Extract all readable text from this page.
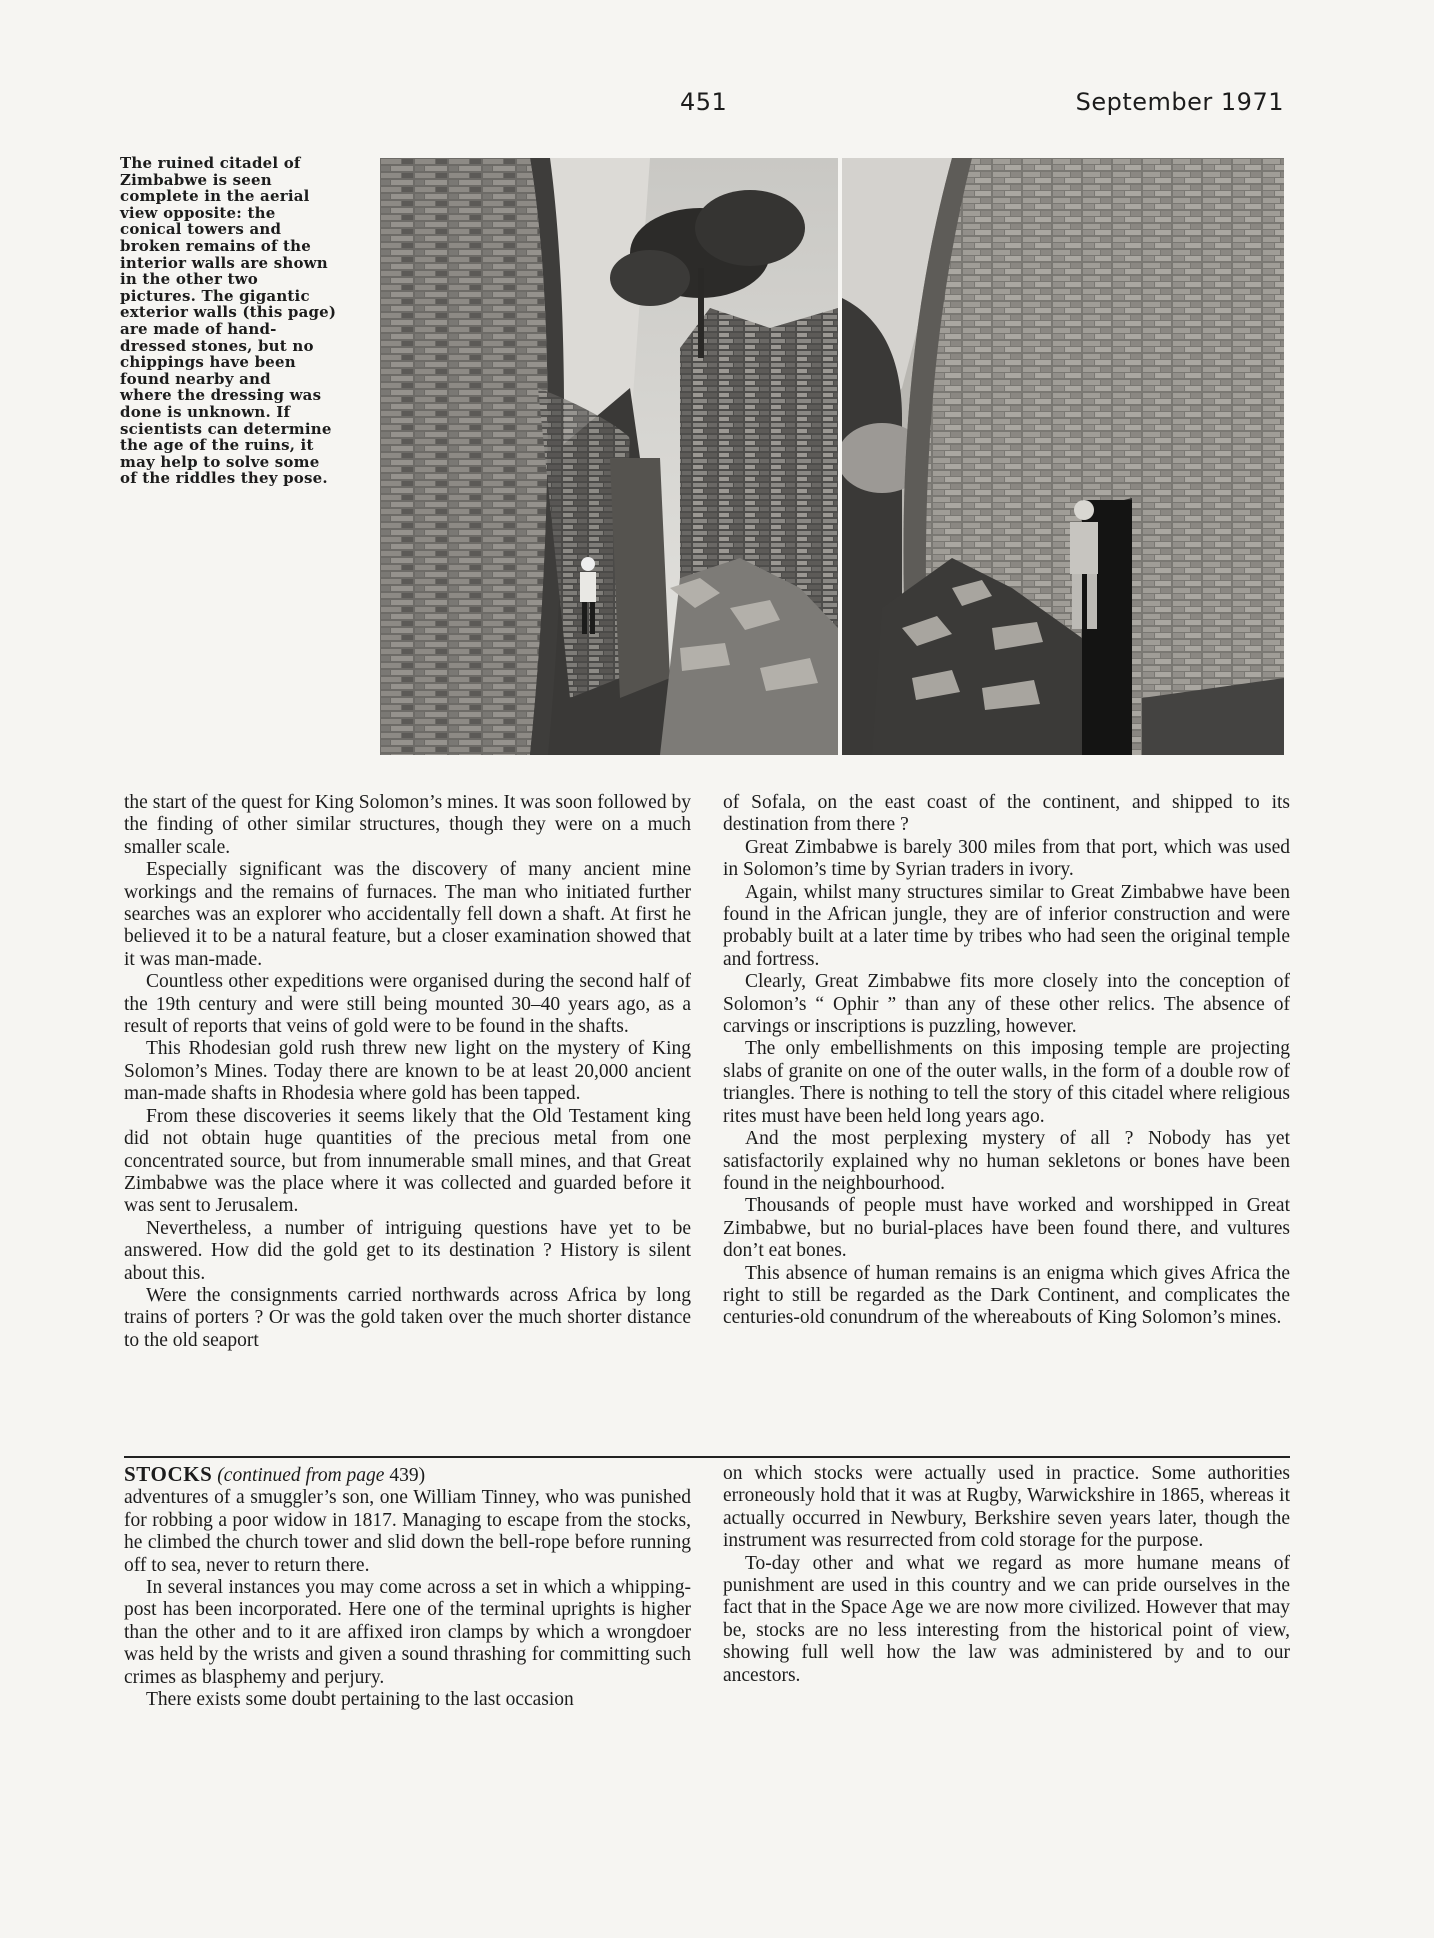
451	September 1971
The ruined citadel of
Zimbabwe is seen
complete in the aerial
view opposite: the
conical towers and
broken remains of the
interior walls are shown
in the other two
pictures. The gigantic
exterior walls (this page)
are made of hand-
dressed stones, but no
chippings have been
found nearby and
where the dressing was
done is unknown. If
scientists can determine
the age of the ruins, it
may help to solve some
of the riddles they pose.

the start of the quest for King Solomon’s mines. It was soon followed by the finding of other similar structures, though they were on a much smaller scale.

Especially significant was the discovery of many ancient mine workings and the remains of furnaces. The man who initiated further searches was an explorer who accidentally fell down a shaft. At first he believed it to be a natural feature, but a closer examination showed that it was man-made.

Countless other expeditions were organised during the second half of the 19th century and were still being mounted 30–40 years ago, as a result of reports that veins of gold were to be found in the shafts.

This Rhodesian gold rush threw new light on the mystery of King Solomon’s Mines. Today there are known to be at least 20,000 ancient man-made shafts in Rhodesia where gold has been tapped.

From these discoveries it seems likely that the Old Testament king did not obtain huge quantities of the precious metal from one concentrated source, but from innumerable small mines, and that Great Zimbabwe was the place where it was collected and guarded before it was sent to Jerusalem.

Nevertheless, a number of intriguing questions have yet to be answered. How did the gold get to its destination ? History is silent about this.

Were the consignments carried northwards across Africa by long trains of porters ? Or was the gold taken over the much shorter distance to the old seaport

of Sofala, on the east coast of the continent, and shipped to its destination from there ?

Great Zimbabwe is barely 300 miles from that port, which was used in Solomon’s time by Syrian traders in ivory.

Again, whilst many structures similar to Great Zimbabwe have been found in the African jungle, they are of inferior construction and were probably built at a later time by tribes who had seen the original temple and fortress.

Clearly, Great Zimbabwe fits more closely into the conception of Solomon’s “ Ophir ” than any of these other relics. The absence of carvings or inscriptions is puzzling, however.

The only embellishments on this imposing temple are projecting slabs of granite on one of the outer walls, in the form of a double row of triangles. There is nothing to tell the story of this citadel where religious rites must have been held long years ago.

And the most perplexing mystery of all ? Nobody has yet satisfactorily explained why no human sekletons or bones have been found in the neighbourhood.

Thousands of people must have worked and worshipped in Great Zimbabwe, but no burial-places have been found there, and vultures don’t eat bones.

This absence of human remains is an enigma which gives Africa the right to still be regarded as the Dark Continent, and complicates the centuries-old conundrum of the whereabouts of King Solomon’s mines.

STOCKS (continued from page 439)

adventures of a smuggler’s son, one William Tinney, who was punished for robbing a poor widow in 1817. Managing to escape from the stocks, he climbed the church tower and slid down the bell-rope before running off to sea, never to return there.

In several instances you may come across a set in which a whipping-post has been incorporated. Here one of the terminal uprights is higher than the other and to it are affixed iron clamps by which a wrongdoer was held by the wrists and given a sound thrashing for committing such crimes as blasphemy and perjury.

There exists some doubt pertaining to the last occasion

on which stocks were actually used in practice. Some authorities erroneously hold that it was at Rugby, Warwickshire in 1865, whereas it actually occurred in Newbury, Berkshire seven years later, though the instrument was resurrected from cold storage for the purpose.

To-day other and what we regard as more humane means of punishment are used in this country and we can pride ourselves in the fact that in the Space Age we are now more civilized. However that may be, stocks are no less interesting from the historical point of view, showing full well how the law was administered by and to our ancestors.
